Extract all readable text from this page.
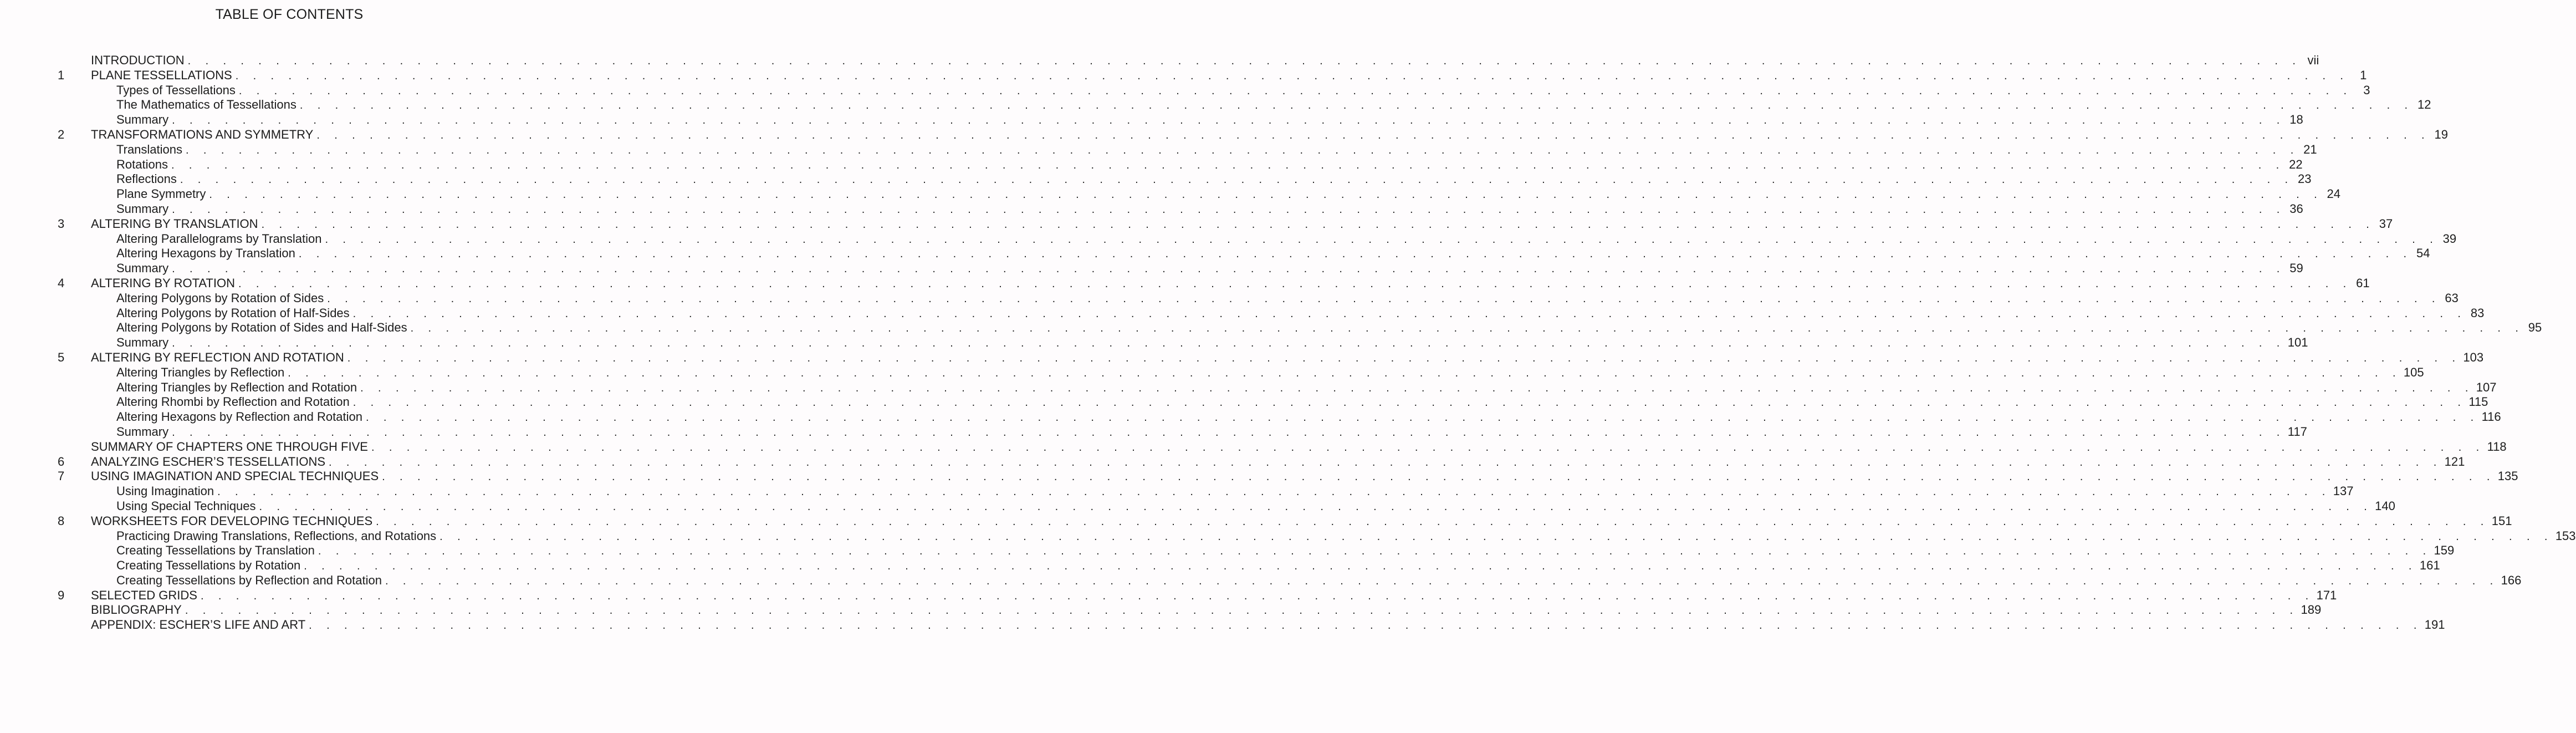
TABLE OF CONTENTS
INTRODUCTION . . . . . . . . . . . . . . . . . . . . . . . . . . . . . . . . . . . . . . . . . . . . . . . . . . . . . . . . . . . . . . . . . . . . . . . . . . . . . . . . . . . . . . . . . . . . . . . . . . . . . . . . . . . . . . . . . . . . . . . . vii
1	PLANE TESSELLATIONS . . . . . . . . . . . . . . . . . . . . . . . . . . . . . . . . . . . . . . . . . . . . . . . . . . . . . . . . . . . . . . . . . . . . . . . . . . . . . . . . . . . . . . . . . . . . . . . . . . . . . . . . . . . . . . . . . . . . . . . . 1
Types of Tessellations . . . . . . . . . . . . . . . . . . . . . . . . . . . . . . . . . . . . . . . . . . . . . . . . . . . . . . . . . . . . . . . . . . . . . . . . . . . . . . . . . . . . . . . . . . . . . . . . . . . . . . . . . . . . . . . . . . . . . . . . 3
The Mathematics of Tessellations . . . . . . . . . . . . . . . . . . . . . . . . . . . . . . . . . . . . . . . . . . . . . . . . . . . . . . . . . . . . . . . . . . . . . . . . . . . . . . . . . . . . . . . . . . . . . . . . . . . . . . . . . . . . . . . . . . . . . . . . 12
Summary . . . . . . . . . . . . . . . . . . . . . . . . . . . . . . . . . . . . . . . . . . . . . . . . . . . . . . . . . . . . . . . . . . . . . . . . . . . . . . . . . . . . . . . . . . . . . . . . . . . . . . . . . . . . . . . . . . . . . . . . 18
2	TRANSFORMATIONS AND SYMMETRY . . . . . . . . . . . . . . . . . . . . . . . . . . . . . . . . . . . . . . . . . . . . . . . . . . . . . . . . . . . . . . . . . . . . . . . . . . . . . . . . . . . . . . . . . . . . . . . . . . . . . . . . . . . . . . . . . . . . . . . . 19
Translations . . . . . . . . . . . . . . . . . . . . . . . . . . . . . . . . . . . . . . . . . . . . . . . . . . . . . . . . . . . . . . . . . . . . . . . . . . . . . . . . . . . . . . . . . . . . . . . . . . . . . . . . . . . . . . . . . . . . . . . . 21
Rotations . . . . . . . . . . . . . . . . . . . . . . . . . . . . . . . . . . . . . . . . . . . . . . . . . . . . . . . . . . . . . . . . . . . . . . . . . . . . . . . . . . . . . . . . . . . . . . . . . . . . . . . . . . . . . . . . . . . . . . . . 22
Reflections . . . . . . . . . . . . . . . . . . . . . . . . . . . . . . . . . . . . . . . . . . . . . . . . . . . . . . . . . . . . . . . . . . . . . . . . . . . . . . . . . . . . . . . . . . . . . . . . . . . . . . . . . . . . . . . . . . . . . . . . 23
Plane Symmetry . . . . . . . . . . . . . . . . . . . . . . . . . . . . . . . . . . . . . . . . . . . . . . . . . . . . . . . . . . . . . . . . . . . . . . . . . . . . . . . . . . . . . . . . . . . . . . . . . . . . . . . . . . . . . . . . . . . . . . . . 24
Summary . . . . . . . . . . . . . . . . . . . . . . . . . . . . . . . . . . . . . . . . . . . . . . . . . . . . . . . . . . . . . . . . . . . . . . . . . . . . . . . . . . . . . . . . . . . . . . . . . . . . . . . . . . . . . . . . . . . . . . . . 36
3	ALTERING BY TRANSLATION . . . . . . . . . . . . . . . . . . . . . . . . . . . . . . . . . . . . . . . . . . . . . . . . . . . . . . . . . . . . . . . . . . . . . . . . . . . . . . . . . . . . . . . . . . . . . . . . . . . . . . . . . . . . . . . . . . . . . . . . 37
Altering Parallelograms by Translation . . . . . . . . . . . . . . . . . . . . . . . . . . . . . . . . . . . . . . . . . . . . . . . . . . . . . . . . . . . . . . . . . . . . . . . . . . . . . . . . . . . . . . . . . . . . . . . . . . . . . . . . . . . . . . . . . . . . . . . . 39
Altering Hexagons by Translation . . . . . . . . . . . . . . . . . . . . . . . . . . . . . . . . . . . . . . . . . . . . . . . . . . . . . . . . . . . . . . . . . . . . . . . . . . . . . . . . . . . . . . . . . . . . . . . . . . . . . . . . . . . . . . . . . . . . . . . . 54
Summary . . . . . . . . . . . . . . . . . . . . . . . . . . . . . . . . . . . . . . . . . . . . . . . . . . . . . . . . . . . . . . . . . . . . . . . . . . . . . . . . . . . . . . . . . . . . . . . . . . . . . . . . . . . . . . . . . . . . . . . . 59
4	ALTERING BY ROTATION . . . . . . . . . . . . . . . . . . . . . . . . . . . . . . . . . . . . . . . . . . . . . . . . . . . . . . . . . . . . . . . . . . . . . . . . . . . . . . . . . . . . . . . . . . . . . . . . . . . . . . . . . . . . . . . . . . . . . . . . 61
Altering Polygons by Rotation of Sides . . . . . . . . . . . . . . . . . . . . . . . . . . . . . . . . . . . . . . . . . . . . . . . . . . . . . . . . . . . . . . . . . . . . . . . . . . . . . . . . . . . . . . . . . . . . . . . . . . . . . . . . . . . . . . . . . . . . . . . . 63
Altering Polygons by Rotation of Half-Sides . . . . . . . . . . . . . . . . . . . . . . . . . . . . . . . . . . . . . . . . . . . . . . . . . . . . . . . . . . . . . . . . . . . . . . . . . . . . . . . . . . . . . . . . . . . . . . . . . . . . . . . . . . . . . . . . . . . . . . . . 83
Altering Polygons by Rotation of Sides and Half-Sides . . . . . . . . . . . . . . . . . . . . . . . . . . . . . . . . . . . . . . . . . . . . . . . . . . . . . . . . . . . . . . . . . . . . . . . . . . . . . . . . . . . . . . . . . . . . . . . . . . . . . . . . . . . . . . . . . . . . . . . . 95
Summary . . . . . . . . . . . . . . . . . . . . . . . . . . . . . . . . . . . . . . . . . . . . . . . . . . . . . . . . . . . . . . . . . . . . . . . . . . . . . . . . . . . . . . . . . . . . . . . . . . . . . . . . . . . . . . . . . . . . . . . . 101
5	ALTERING BY REFLECTION AND ROTATION . . . . . . . . . . . . . . . . . . . . . . . . . . . . . . . . . . . . . . . . . . . . . . . . . . . . . . . . . . . . . . . . . . . . . . . . . . . . . . . . . . . . . . . . . . . . . . . . . . . . . . . . . . . . . . . . . . . . . . . . 103
Altering Triangles by Reflection . . . . . . . . . . . . . . . . . . . . . . . . . . . . . . . . . . . . . . . . . . . . . . . . . . . . . . . . . . . . . . . . . . . . . . . . . . . . . . . . . . . . . . . . . . . . . . . . . . . . . . . . . . . . . . . . . . . . . . . . 105
Altering Triangles by Reflection and Rotation . . . . . . . . . . . . . . . . . . . . . . . . . . . . . . . . . . . . . . . . . . . . . . . . . . . . . . . . . . . . . . . . . . . . . . . . . . . . . . . . . . . . . . . . . . . . . . . . . . . . . . . . . . . . . . . . . . . . . . . . 107
Altering Rhombi by Reflection and Rotation . . . . . . . . . . . . . . . . . . . . . . . . . . . . . . . . . . . . . . . . . . . . . . . . . . . . . . . . . . . . . . . . . . . . . . . . . . . . . . . . . . . . . . . . . . . . . . . . . . . . . . . . . . . . . . . . . . . . . . . . 115
Altering Hexagons by Reflection and Rotation . . . . . . . . . . . . . . . . . . . . . . . . . . . . . . . . . . . . . . . . . . . . . . . . . . . . . . . . . . . . . . . . . . . . . . . . . . . . . . . . . . . . . . . . . . . . . . . . . . . . . . . . . . . . . . . . . . . . . . . . 116
Summary . . . . . . . . . . . . . . . . . . . . . . . . . . . . . . . . . . . . . . . . . . . . . . . . . . . . . . . . . . . . . . . . . . . . . . . . . . . . . . . . . . . . . . . . . . . . . . . . . . . . . . . . . . . . . . . . . . . . . . . . 117
SUMMARY OF CHAPTERS ONE THROUGH FIVE . . . . . . . . . . . . . . . . . . . . . . . . . . . . . . . . . . . . . . . . . . . . . . . . . . . . . . . . . . . . . . . . . . . . . . . . . . . . . . . . . . . . . . . . . . . . . . . . . . . . . . . . . . . . . . . . . . . . . . . . 118
6	ANALYZING ESCHER’S TESSELLATIONS . . . . . . . . . . . . . . . . . . . . . . . . . . . . . . . . . . . . . . . . . . . . . . . . . . . . . . . . . . . . . . . . . . . . . . . . . . . . . . . . . . . . . . . . . . . . . . . . . . . . . . . . . . . . . . . . . . . . . . . . 121
7	USING IMAGINATION AND SPECIAL TECHNIQUES . . . . . . . . . . . . . . . . . . . . . . . . . . . . . . . . . . . . . . . . . . . . . . . . . . . . . . . . . . . . . . . . . . . . . . . . . . . . . . . . . . . . . . . . . . . . . . . . . . . . . . . . . . . . . . . . . . . . . . . . 135
Using Imagination . . . . . . . . . . . . . . . . . . . . . . . . . . . . . . . . . . . . . . . . . . . . . . . . . . . . . . . . . . . . . . . . . . . . . . . . . . . . . . . . . . . . . . . . . . . . . . . . . . . . . . . . . . . . . . . . . . . . . . . . 137
Using Special Techniques . . . . . . . . . . . . . . . . . . . . . . . . . . . . . . . . . . . . . . . . . . . . . . . . . . . . . . . . . . . . . . . . . . . . . . . . . . . . . . . . . . . . . . . . . . . . . . . . . . . . . . . . . . . . . . . . . . . . . . . . 140
8	WORKSHEETS FOR DEVELOPING TECHNIQUES . . . . . . . . . . . . . . . . . . . . . . . . . . . . . . . . . . . . . . . . . . . . . . . . . . . . . . . . . . . . . . . . . . . . . . . . . . . . . . . . . . . . . . . . . . . . . . . . . . . . . . . . . . . . . . . . . . . . . . . . 151
Practicing Drawing Translations, Reflections, and Rotations . . . . . . . . . . . . . . . . . . . . . . . . . . . . . . . . . . . . . . . . . . . . . . . . . . . . . . . . . . . . . . . . . . . . . . . . . . . . . . . . . . . . . . . . . . . . . . . . . . . . . . . . . . . . . . . . . . . . . . . . 153
Creating Tessellations by Translation . . . . . . . . . . . . . . . . . . . . . . . . . . . . . . . . . . . . . . . . . . . . . . . . . . . . . . . . . . . . . . . . . . . . . . . . . . . . . . . . . . . . . . . . . . . . . . . . . . . . . . . . . . . . . . . . . . . . . . . . 159
Creating Tessellations by Rotation . . . . . . . . . . . . . . . . . . . . . . . . . . . . . . . . . . . . . . . . . . . . . . . . . . . . . . . . . . . . . . . . . . . . . . . . . . . . . . . . . . . . . . . . . . . . . . . . . . . . . . . . . . . . . . . . . . . . . . . . 161
Creating Tessellations by Reflection and Rotation . . . . . . . . . . . . . . . . . . . . . . . . . . . . . . . . . . . . . . . . . . . . . . . . . . . . . . . . . . . . . . . . . . . . . . . . . . . . . . . . . . . . . . . . . . . . . . . . . . . . . . . . . . . . . . . . . . . . . . . . 166
9	SELECTED GRIDS . . . . . . . . . . . . . . . . . . . . . . . . . . . . . . . . . . . . . . . . . . . . . . . . . . . . . . . . . . . . . . . . . . . . . . . . . . . . . . . . . . . . . . . . . . . . . . . . . . . . . . . . . . . . . . . . . . . . . . . . 171
BIBLIOGRAPHY . . . . . . . . . . . . . . . . . . . . . . . . . . . . . . . . . . . . . . . . . . . . . . . . . . . . . . . . . . . . . . . . . . . . . . . . . . . . . . . . . . . . . . . . . . . . . . . . . . . . . . . . . . . . . . . . . . . . . . . . 189
APPENDIX: ESCHER’S LIFE AND ART . . . . . . . . . . . . . . . . . . . . . . . . . . . . . . . . . . . . . . . . . . . . . . . . . . . . . . . . . . . . . . . . . . . . . . . . . . . . . . . . . . . . . . . . . . . . . . . . . . . . . . . . . . . . . . . . . . . . . . . . 191
